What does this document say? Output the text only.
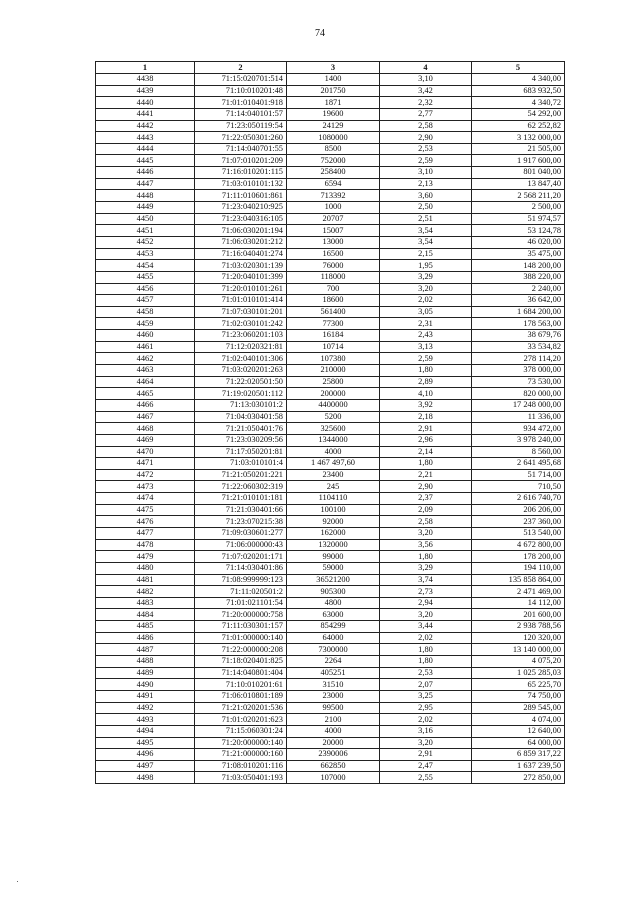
74
1	2	3	4	5
4438	71:15:020701:514	1400	3,10	4 340,00
4439	71:10:010201:48	201750	3,42	683 932,50
4440	71:01:010401:918	1871	2,32	4 340,72
4441	71:14:040101:57	19600	2,77	54 292,00
4442	71:23:050119:54	24129	2,58	62 252,82
4443	71:22:050301:260	1080000	2,90	3 132 000,00
4444	71:14:040701:55	8500	2,53	21 505,00
4445	71:07:010201:209	752000	2,59	1 917 600,00
4446	71:16:010201:115	258400	3,10	801 040,00
4447	71:03:010101:132	6594	2,13	13 847,40
4448	71:11:010601:861	713392	3,60	2 568 211,20
4449	71:23:040210:925	1000	2,50	2 500,00
4450	71:23:040316:105	20707	2,51	51 974,57
4451	71:06:030201:194	15007	3,54	53 124,78
4452	71:06:030201:212	13000	3,54	46 020,00
4453	71:16:040401:274	16500	2,15	35 475,00
4454	71:03:020301:139	76000	1,95	148 200,00
4455	71:20:040101:399	118000	3,29	388 220,00
4456	71:20:010101:261	700	3,20	2 240,00
4457	71:01:010101:414	18600	2,02	36 642,00
4458	71:07:030101:201	561400	3,05	1 684 200,00
4459	71:02:030101:242	77300	2,31	178 563,00
4460	71:23:060201:103	16184	2,43	38 679,76
4461	71:12:020321:81	10714	3,13	33 534,82
4462	71:02:040101:306	107380	2,59	278 114,20
4463	71:03:020201:263	210000	1,80	378 000,00
4464	71:22:020501:50	25800	2,89	73 530,00
4465	71:19:020501:112	200000	4,10	820 000,00
4466	71:13:030101:2	4400000	3,92	17 248 000,00
4467	71:04:030401:58	5200	2,18	11 336,00
4468	71:21:050401:76	325600	2,91	934 472,00
4469	71:23:030209:56	1344000	2,96	3 978 240,00
4470	71:17:050201:81	4000	2,14	8 560,00
4471	71:03:010101:4	1 467 497,60	1,80	2 641 495,68
4472	71:21:050201:221	23400	2,21	51 714,00
4473	71:22:060302:319	245	2,90	710,50
4474	71:21:010101:181	1104110	2,37	2 616 740,70
4475	71:21:030401:66	100100	2,09	206 206,00
4476	71:23:070215:38	92000	2,58	237 360,00
4477	71:09:030601:277	162000	3,20	513 540,00
4478	71:06:000000:43	1320000	3,56	4 672 800,00
4479	71:07:020201:171	99000	1,80	178 200,00
4480	71:14:030401:86	59000	3,29	194 110,00
4481	71:08:999999:123	36521200	3,74	135 858 864,00
4482	71:11:020501:2	905300	2,73	2 471 469,00
4483	71:01:021101:54	4800	2,94	14 112,00
4484	71:20:000000:758	63000	3,20	201 600,00
4485	71:11:030301:157	854299	3,44	2 938 788,56
4486	71:01:000000:140	64000	2,02	120 320,00
4487	71:22:000000:208	7300000	1,80	13 140 000,00
4488	71:18:020401:825	2264	1,80	4 075,20
4489	71:14:040801:404	405251	2,53	1 025 285,03
4490	71:10:010201:61	31510	2,07	65 225,70
4491	71:06:010801:189	23000	3,25	74 750,00
4492	71:21:020201:536	99500	2,95	289 545,00
4493	71:01:020201:623	2100	2,02	4 074,00
4494	71:15:060301:24	4000	3,16	12 640,00
4495	71:20:000000:140	20000	3,20	64 000,00
4496	71:21:000000:160	2390006	2,91	6 859 317,22
4497	71:08:010201:116	662850	2,47	1 637 239,50
4498	71:03:050401:193	107000	2,55	272 850,00
